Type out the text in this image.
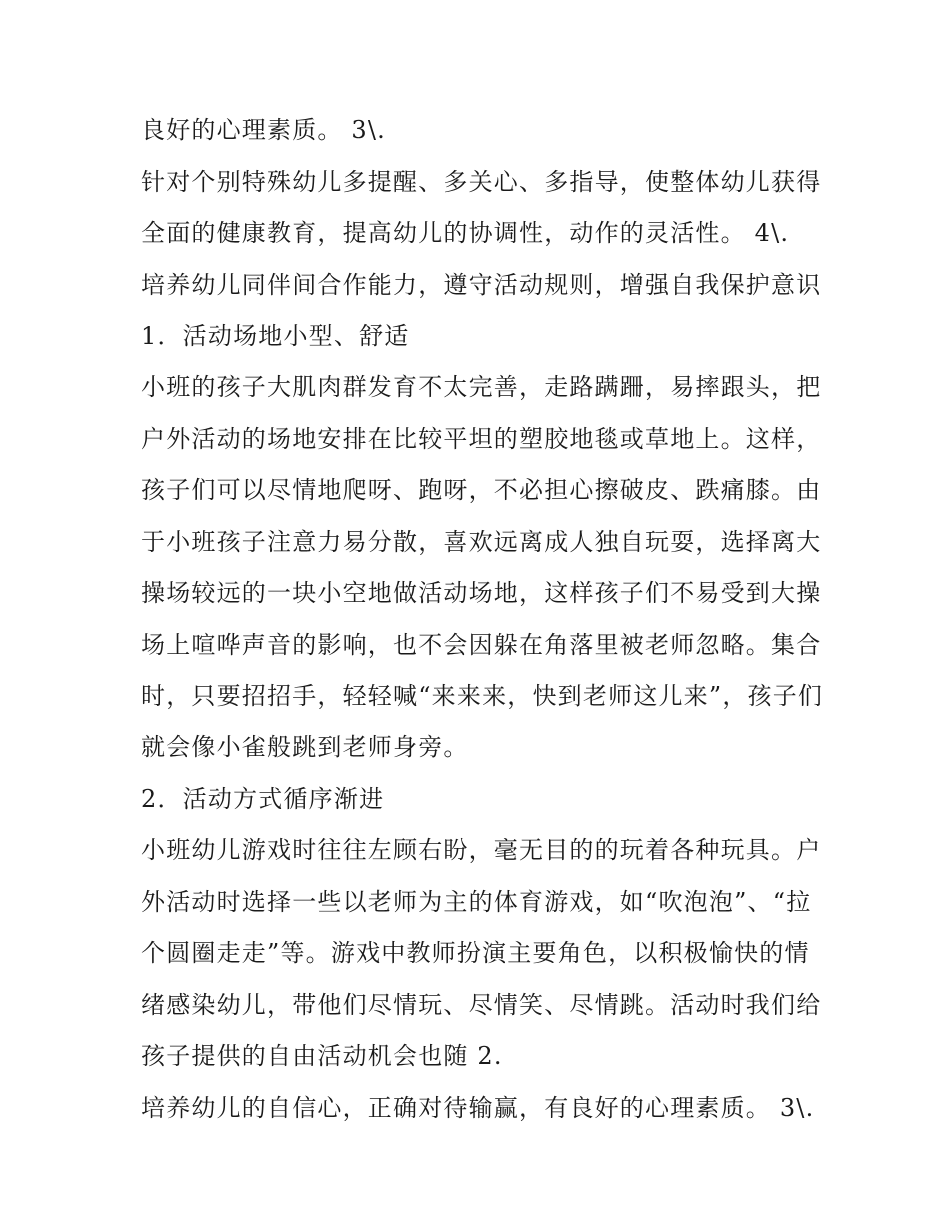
良好的心理素质。 3\.
针对个别特殊幼儿多提醒、多关心、多指导，使整体幼儿获得
全面的健康教育，提高幼儿的协调性，动作的灵活性。 4\.
培养幼儿同伴间合作能力，遵守活动规则，增强自我保护意识
1．活动场地小型、舒适
小班的孩子大肌肉群发育不太完善，走路蹒跚，易摔跟头，把
户外活动的场地安排在比较平坦的塑胶地毯或草地上。这样，
孩子们可以尽情地爬呀、跑呀，不必担心擦破皮、跌痛膝。由
于小班孩子注意力易分散，喜欢远离成人独自玩耍，选择离大
操场较远的一块小空地做活动场地，这样孩子们不易受到大操
场上喧哗声音的影响，也不会因躲在角落里被老师忽略。集合
时，只要招招手，轻轻喊“来来来，快到老师这儿来”，孩子们
就会像小雀般跳到老师身旁。
2．活动方式循序渐进
小班幼儿游戏时往往左顾右盼，毫无目的的玩着各种玩具。户
外活动时选择一些以老师为主的体育游戏，如“吹泡泡”、“拉
个圆圈走走”等。游戏中教师扮演主要角色，以积极愉快的情
绪感染幼儿，带他们尽情玩、尽情笑、尽情跳。活动时我们给
孩子提供的自由活动机会也随 2.
培养幼儿的自信心，正确对待输赢，有良好的心理素质。 3\.
